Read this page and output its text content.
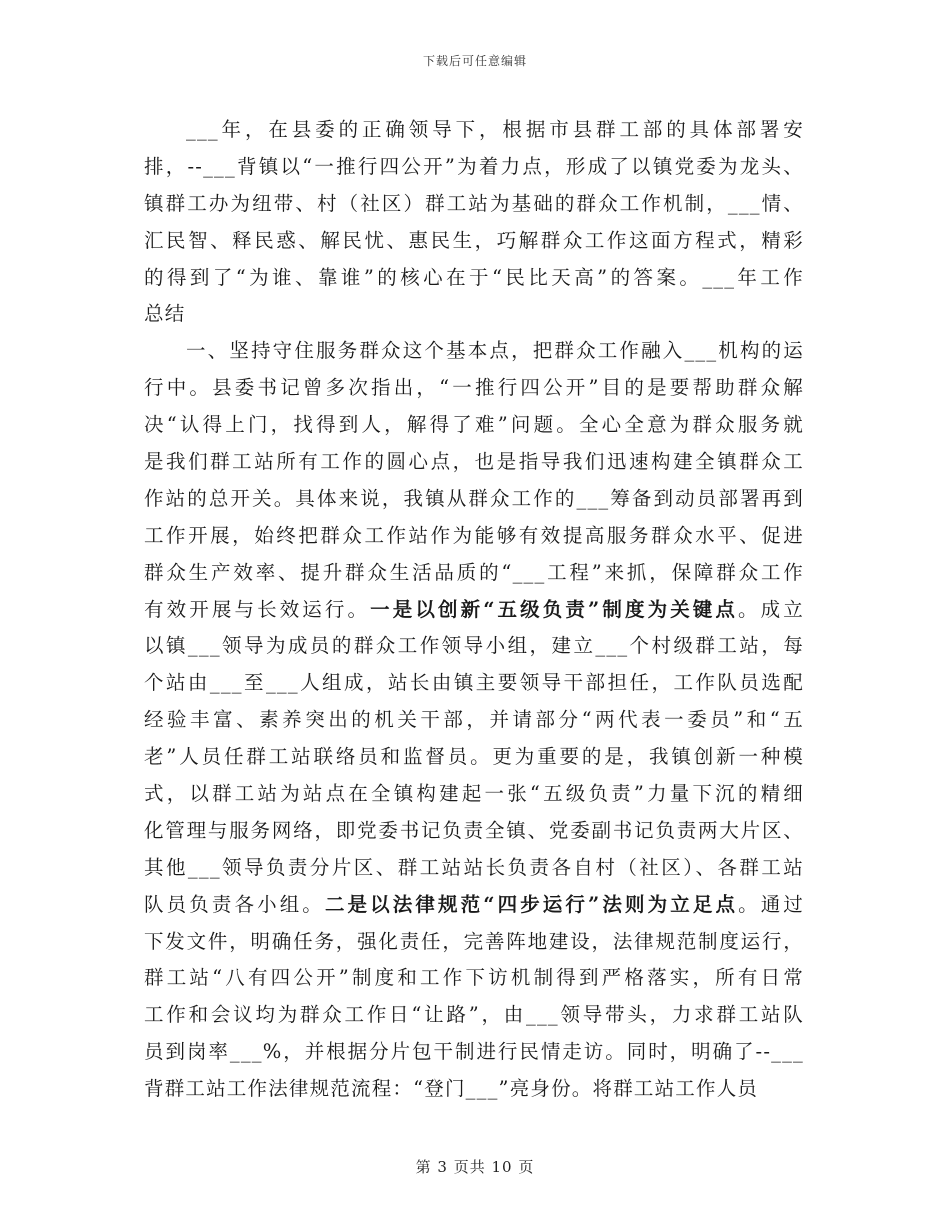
下载后可任意编辑
___年，在县委的正确领导下，根据市县群工部的具体部署安
排，--___背镇以“一推行四公开”为着力点，形成了以镇党委为龙头、
镇群工办为纽带、村（社区）群工站为基础的群众工作机制，___情、
汇民智、释民惑、解民忧、惠民生，巧解群众工作这面方程式，精彩
的得到了“为谁、靠谁”的核心在于“民比天高”的答案。___年工作
总结
一、坚持守住服务群众这个基本点，把群众工作融入___机构的运
行中。县委书记曾多次指出，“一推行四公开”目的是要帮助群众解
决“认得上门，找得到人，解得了难”问题。全心全意为群众服务就
是我们群工站所有工作的圆心点，也是指导我们迅速构建全镇群众工
作站的总开关。具体来说，我镇从群众工作的___筹备到动员部署再到
工作开展，始终把群众工作站作为能够有效提高服务群众水平、促进
群众生产效率、提升群众生活品质的“___工程”来抓，保障群众工作
有效开展与长效运行。一是以创新“五级负责”制度为关键点。成立
以镇___领导为成员的群众工作领导小组，建立___个村级群工站，每
个站由___至___人组成，站长由镇主要领导干部担任，工作队员选配
经验丰富、素养突出的机关干部，并请部分“两代表一委员”和“五
老”人员任群工站联络员和监督员。更为重要的是，我镇创新一种模
式，以群工站为站点在全镇构建起一张“五级负责”力量下沉的精细
化管理与服务网络，即党委书记负责全镇、党委副书记负责两大片区、
其他___领导负责分片区、群工站站长负责各自村（社区）、各群工站
队员负责各小组。二是以法律规范“四步运行”法则为立足点。通过
下发文件，明确任务，强化责任，完善阵地建设，法律规范制度运行，
群工站“八有四公开”制度和工作下访机制得到严格落实，所有日常
工作和会议均为群众工作日“让路”，由___领导带头，力求群工站队
员到岗率___%，并根据分片包干制进行民情走访。同时，明确了--___
背群工站工作法律规范流程：“登门___”亮身份。将群工站工作人员
第 3 页共 10 页
